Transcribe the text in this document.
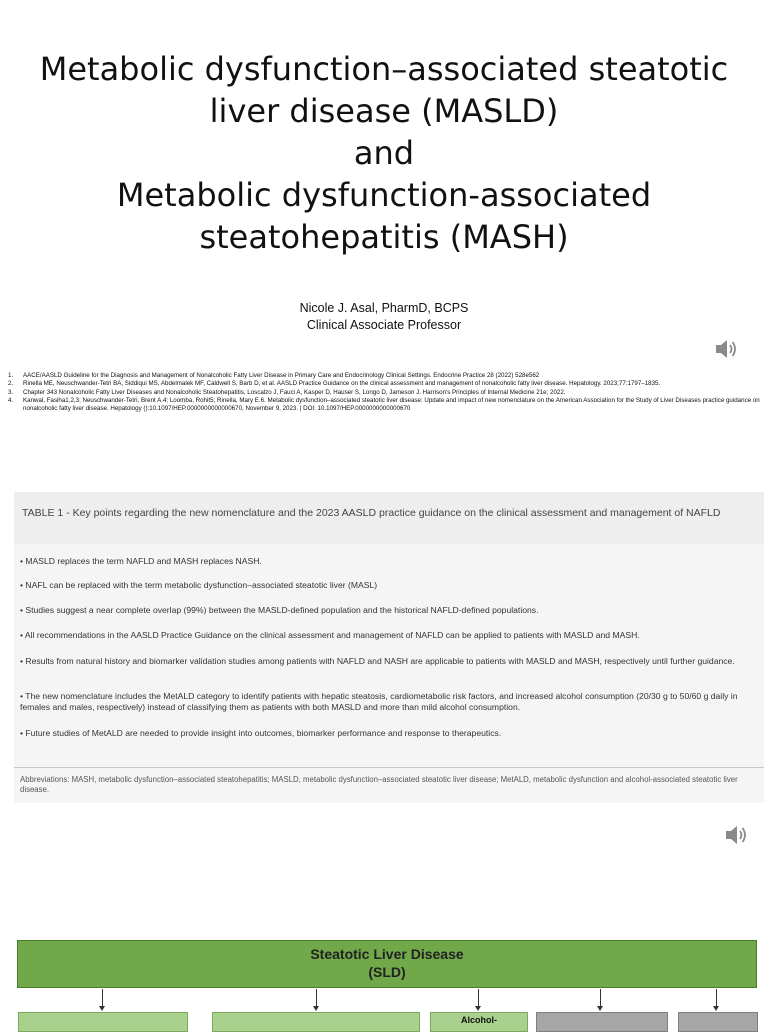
Metabolic dysfunction–associated steatotic
liver disease (MASLD)
and
Metabolic dysfunction-associated
steatohepatitis (MASH)
Nicole J. Asal, PharmD, BCPS
Clinical Associate Professor
1.	AACE/AASLD Guideline for the Diagnosis and Management of Nonalcoholic Fatty Liver Disease in Primary Care and Endocrinology Clinical Settings. Endocrine Practice 28 (2022) 528e562
2.	Rinella ME, Neuschwander-Tetri BA, Siddiqui MS, Abdelmalek MF, Caldwell S, Barb D, et al. AASLD Practice Guidance on the clinical assessment and management of nonalcoholic fatty liver disease. Hepatology. 2023;77:1797–1835.
3.	Chapter 343 Nonalcoholic Fatty Liver Diseases and Nonalcoholic Steatohepatitis, Loscalzo J, Fauci A, Kasper D, Hauser S, Longo D, Jameson J. Harrison's Principles of Internal Medicine 21e; 2022.
4.	Kanwal, Fasiha1,2,3; Neuschwander-Tetri, Brent A.4; Loomba, Rohit5; Rinella, Mary E.6. Metabolic dysfunction–associated steatotic liver disease: Update and impact of new nomenclature on the American Association for the Study of Liver Diseases practice guidance on nonalcoholic fatty liver disease. Hepatology ():10.1097/HEP.0000000000000670, November 9, 2023. | DOI: 10.1097/HEP.0000000000000670
TABLE 1 - Key points regarding the new nomenclature and the 2023 AASLD practice guidance on the clinical assessment and management of NAFLD
• MASLD replaces the term NAFLD and MASH replaces NASH.
• NAFL can be replaced with the term metabolic dysfunction–associated steatotic liver (MASL)
• Studies suggest a near complete overlap (99%) between the MASLD-defined population and the historical NAFLD-defined populations.
• All recommendations in the AASLD Practice Guidance on the clinical assessment and management of NAFLD can be applied to patients with MASLD and MASH.
• Results from natural history and biomarker validation studies among patients with NAFLD and NASH are applicable to patients with MASLD and MASH, respectively until further guidance.
• The new nomenclature includes the MetALD category to identify patients with hepatic steatosis, cardiometabolic risk factors, and increased alcohol consumption (20/30 g to 50/60 g daily in females and males, respectively) instead of classifying them as patients with both MASLD and more than mild alcohol consumption.
• Future studies of MetALD are needed to provide insight into outcomes, biomarker performance and response to therapeutics.
Abbreviations: MASH, metabolic dysfunction–associated steatohepatitis; MASLD, metabolic dysfunction–associated steatotic liver disease; MetALD, metabolic dysfunction and alcohol-associated steatotic liver disease.
Steatotic Liver Disease
(SLD)
Alcohol-
